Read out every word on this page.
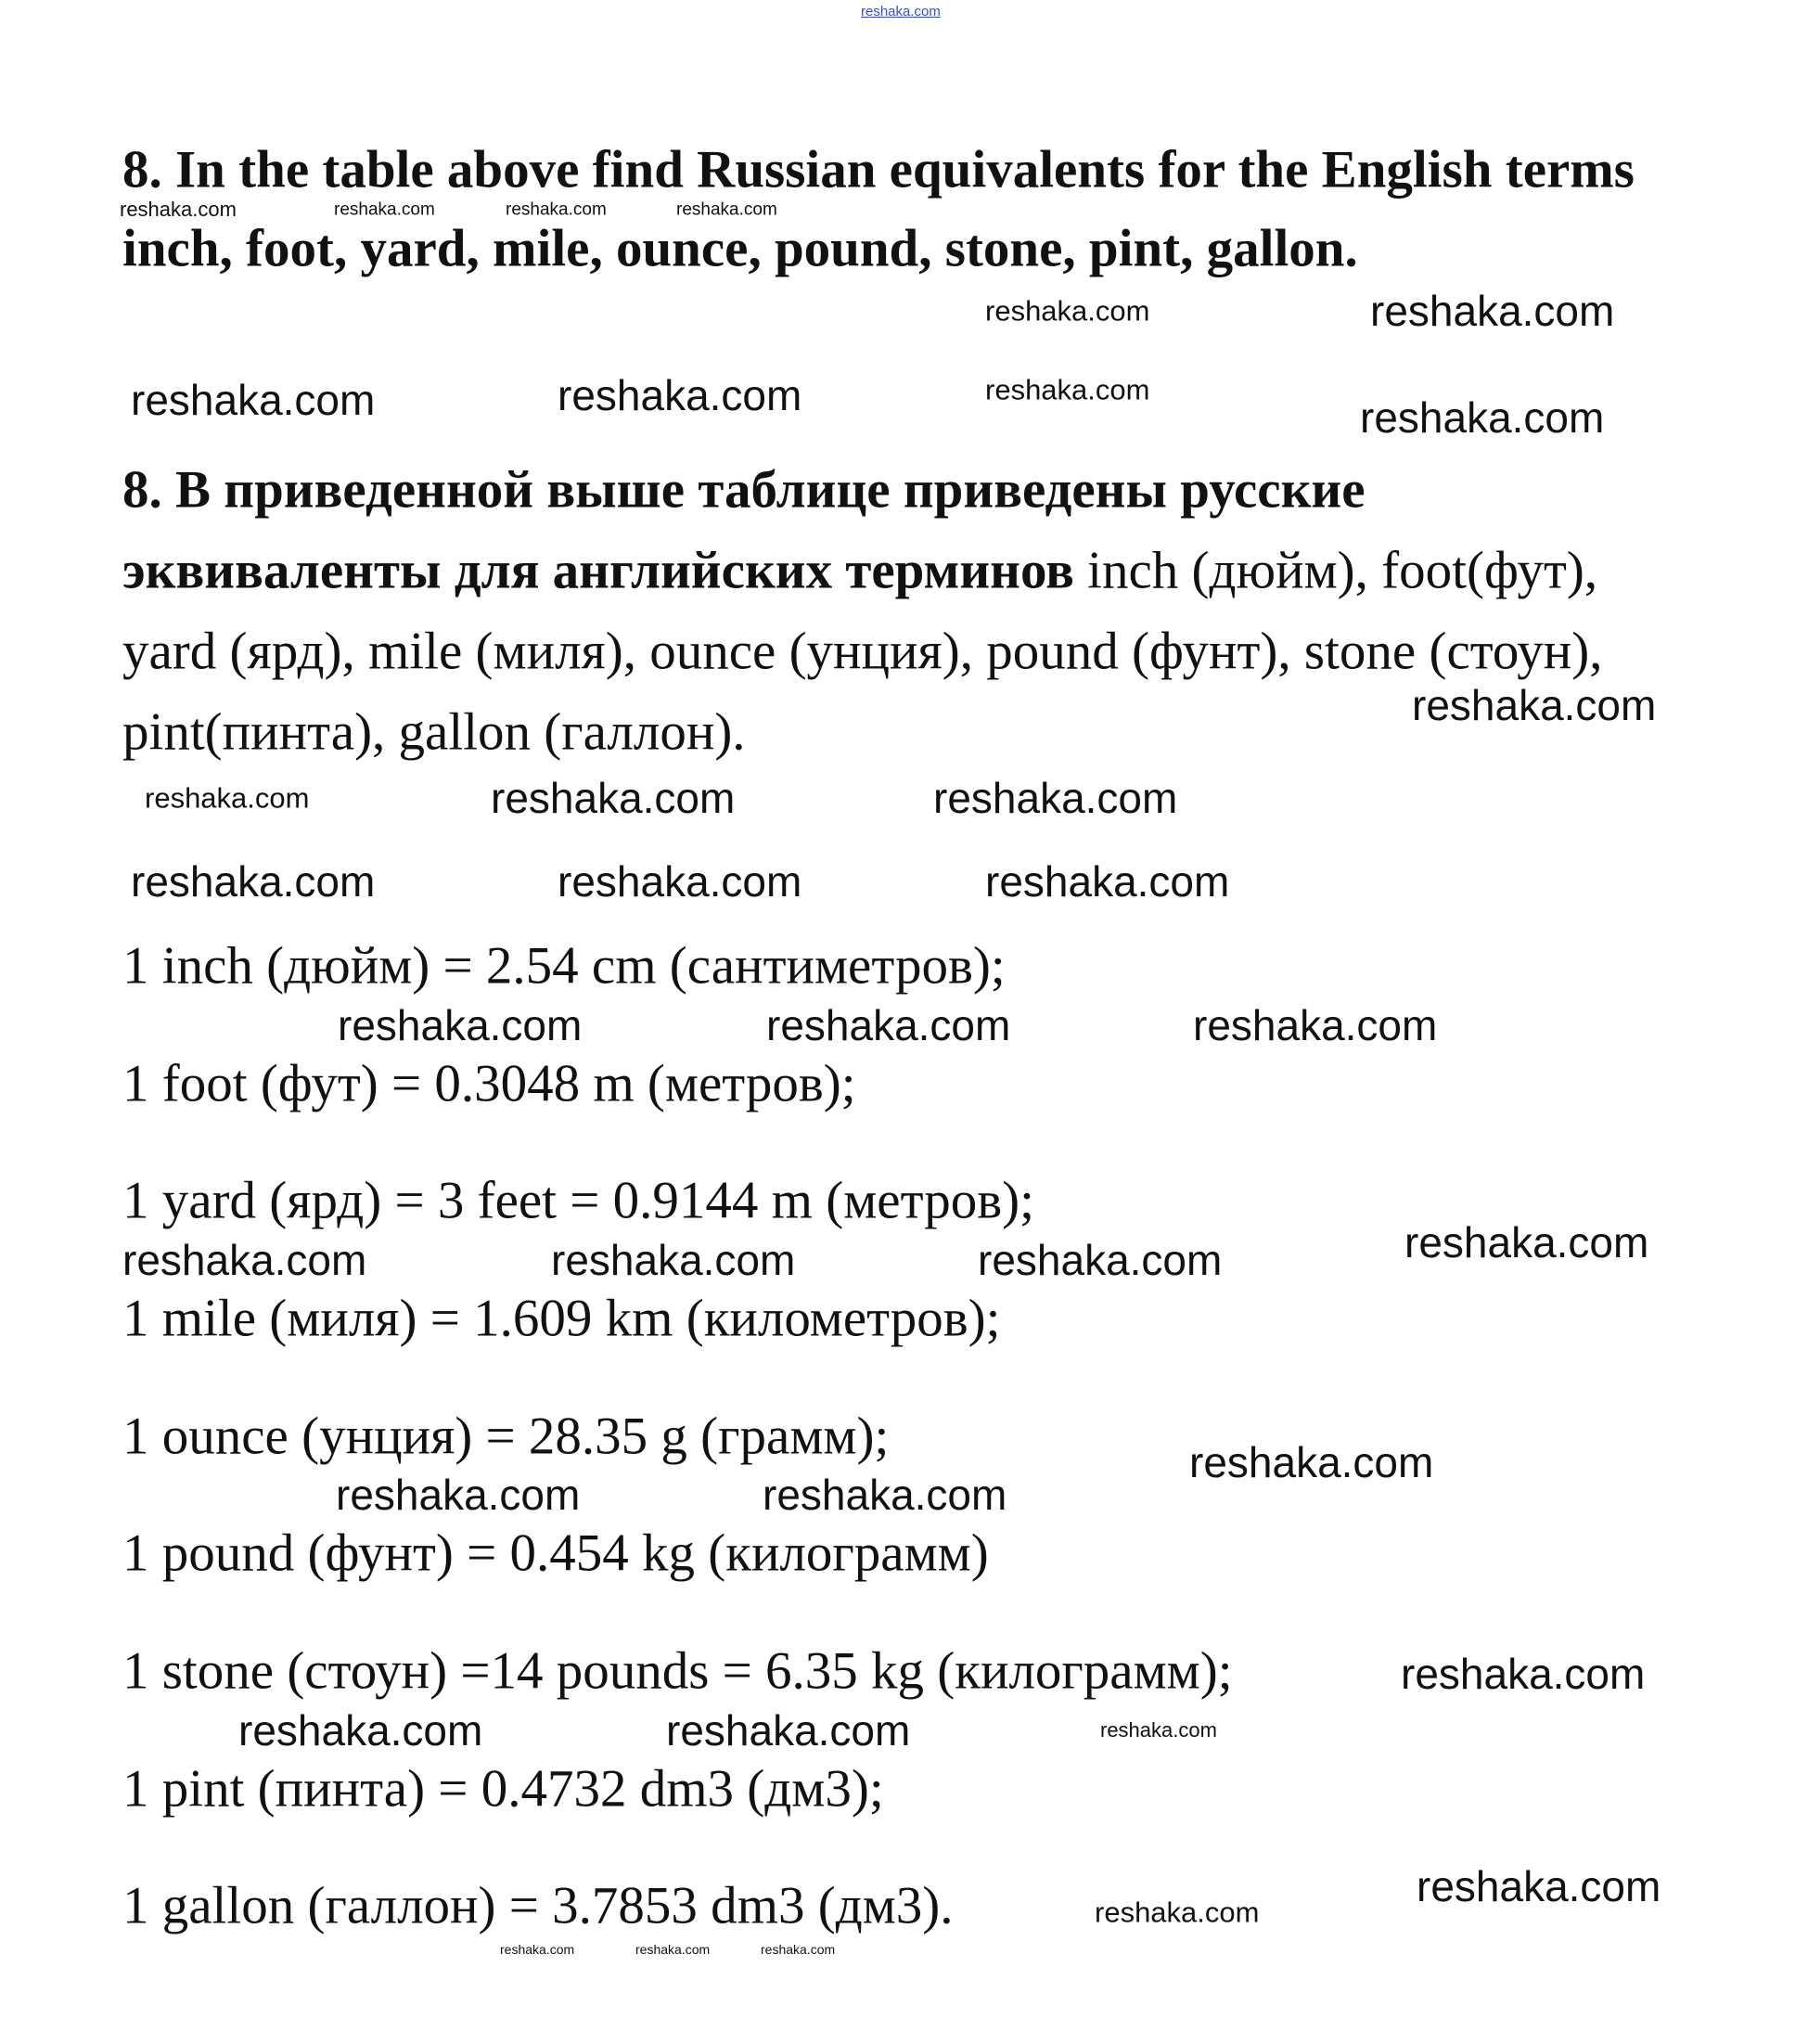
reshaka.com
8. In the table above find Russian equivalents for the English terms
inch, foot, yard, mile, ounce, pound, stone, pint, gallon.
8. В приведенной выше таблице приведены русские
эквиваленты для английских терминов inch (дюйм), foot(фут),
yard (ярд), mile (миля), ounce (унция), pound (фунт), stone (стоун),
pint(пинта), gallon (галлон).
1 inch (дюйм) = 2.54 cm (сантиметров);
1 foot (фут) = 0.3048 m (метров);
1 yard (ярд) = 3 feet = 0.9144 m (метров);
1 mile (миля) = 1.609 km (километров);
1 ounce (унция) = 28.35 g (грамм);
1 pound (фунт) = 0.454 kg (килограмм)
1 stone (стоун) =14 pounds = 6.35 kg (килограмм);
1 pint (пинта) = 0.4732 dm3 (дм3);
1 gallon (галлон) = 3.7853 dm3 (дм3).
reshaka.com	reshaka.com	reshaka.com	reshaka.com
reshaka.com	reshaka.com
reshaka.com	reshaka.com	reshaka.com
reshaka.com
reshaka.com	reshaka.com	reshaka.com
reshaka.com
reshaka.com	reshaka.com	reshaka.com
reshaka.com	reshaka.com	reshaka.com
reshaka.com	reshaka.com	reshaka.com	reshaka.com
reshaka.com	reshaka.com
reshaka.com
reshaka.com
reshaka.com	reshaka.com	reshaka.com
reshaka.com
reshaka.com
reshaka.com	reshaka.com	reshaka.com
